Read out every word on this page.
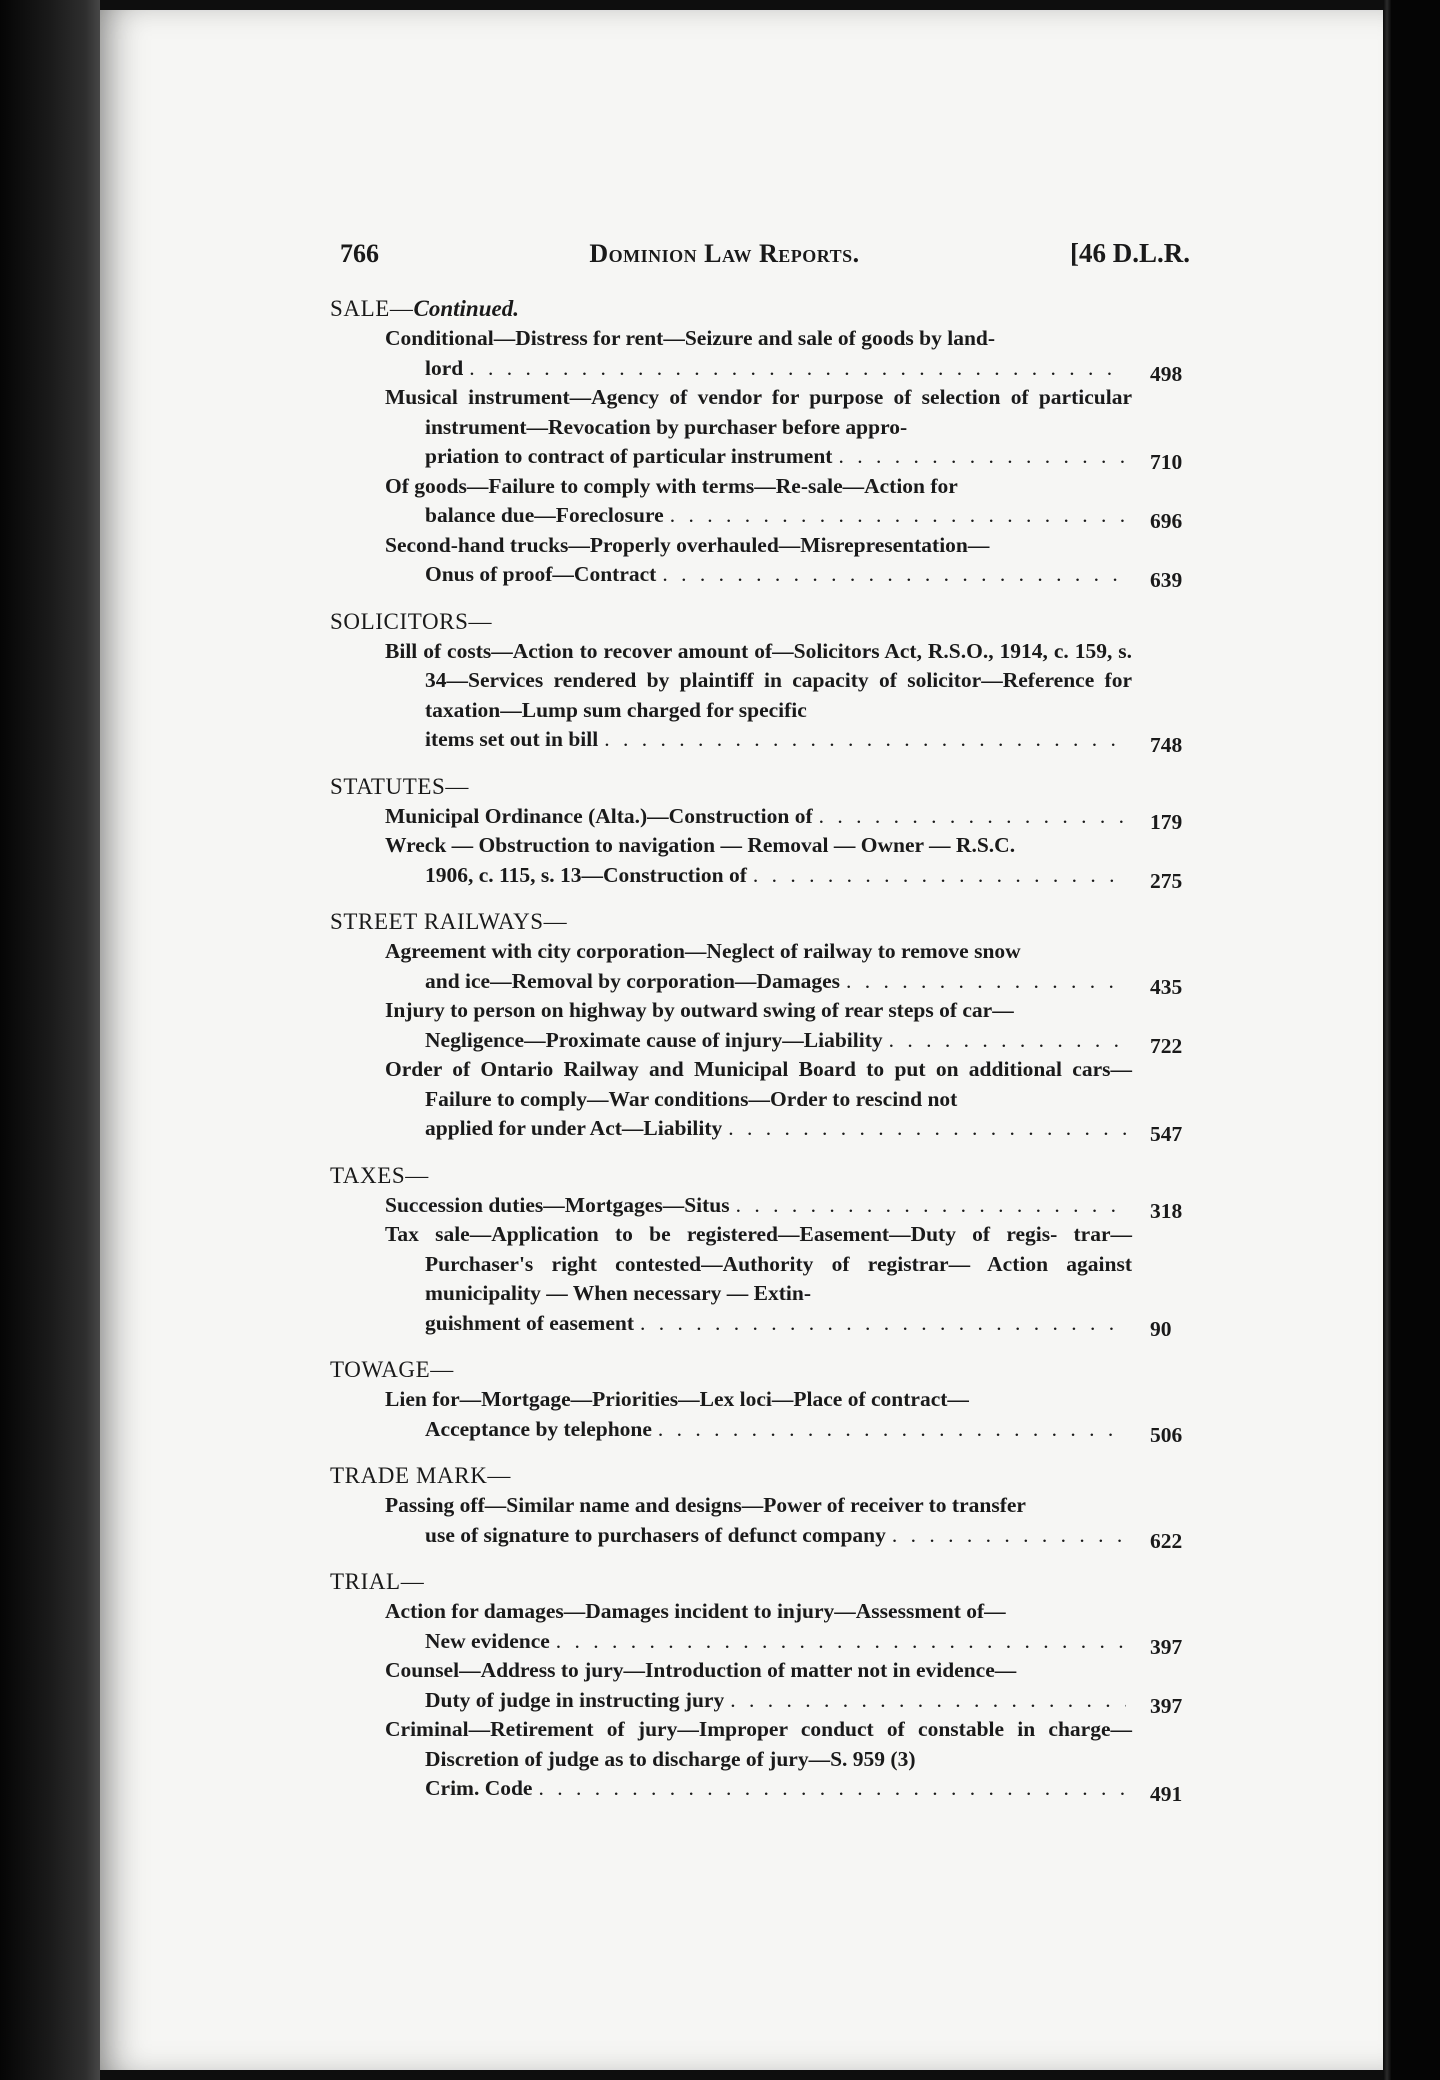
766	Dominion Law Reports.	[46 D.L.R.
SALE—Continued.
Conditional—Distress for rent—Seizure and sale of goods by land-
lord . . .	498
Musical instrument—Agency of vendor for purpose of selection of particular instrument—Revocation by purchaser before appro-
priation to contract of particular instrument . . .	710
Of goods—Failure to comply with terms—Re-sale—Action for
balance due—Foreclosure . . .	696
Second-hand trucks—Properly overhauled—Misrepresentation—
Onus of proof—Contract . . .	639
SOLICITORS—
Bill of costs—Action to recover amount of—Solicitors Act, R.S.O., 1914, c. 159, s. 34—Services rendered by plaintiff in capacity of solicitor—Reference for taxation—Lump sum charged for specific
items set out in bill . . .	748
STATUTES—
Municipal Ordinance (Alta.)—Construction of . . .	179
Wreck — Obstruction to navigation — Removal — Owner — R.S.C.
1906, c. 115, s. 13—Construction of . . .	275
STREET RAILWAYS—
Agreement with city corporation—Neglect of railway to remove snow
and ice—Removal by corporation—Damages . . .	435
Injury to person on highway by outward swing of rear steps of car—
Negligence—Proximate cause of injury—Liability . . .	722
Order of Ontario Railway and Municipal Board to put on additional cars—Failure to comply—War conditions—Order to rescind not
applied for under Act—Liability . . .	547
TAXES—
Succession duties—Mortgages—Situs . . .	318
Tax sale—Application to be registered—Easement—Duty of regis- trar—Purchaser's right contested—Authority of registrar— Action against municipality — When necessary — Extin-
guishment of easement . . .	90
TOWAGE—
Lien for—Mortgage—Priorities—Lex loci—Place of contract—
Acceptance by telephone . . .	506
TRADE MARK—
Passing off—Similar name and designs—Power of receiver to transfer
use of signature to purchasers of defunct company . . .	622
TRIAL—
Action for damages—Damages incident to injury—Assessment of—
New evidence . . .	397
Counsel—Address to jury—Introduction of matter not in evidence—
Duty of judge in instructing jury . . .	397
Criminal—Retirement of jury—Improper conduct of constable in charge—Discretion of judge as to discharge of jury—S. 959 (3)
Crim. Code . . .	491
